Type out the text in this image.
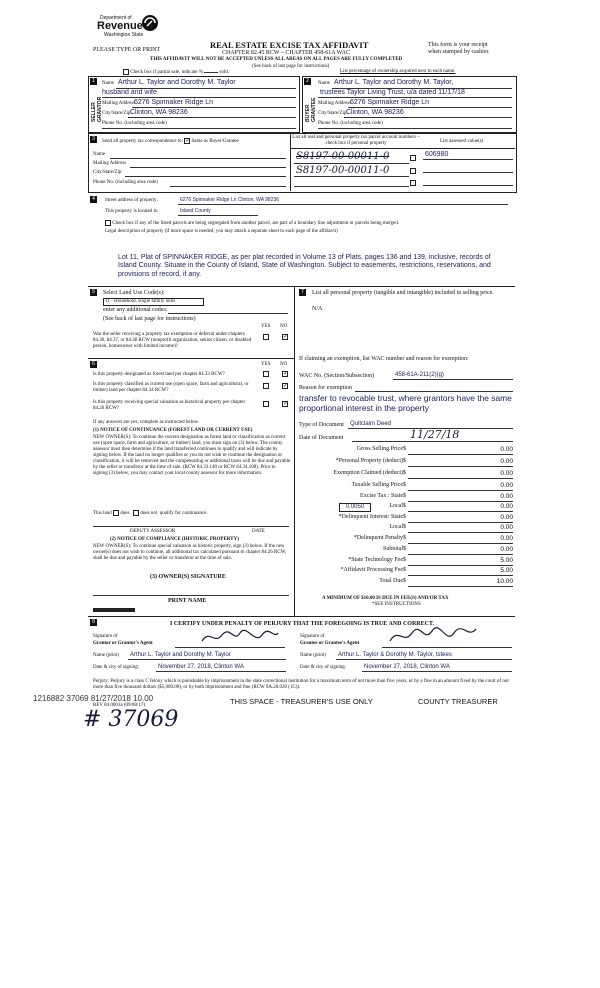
Department of
Revenue
Washington State
PLEASE TYPE OR PRINT	REAL ESTATE EXCISE TAX AFFIDAVIT
CHAPTER 82.45 RCW – CHAPTER 458-61A WAC
THIS AFFIDAVIT WILL NOT BE ACCEPTED UNLESS ALL AREAS ON ALL PAGES ARE FULLY COMPLETED
(See back of last page for instructions)
This form is your receipt when stamped by cashier.
Check box if partial sale, indicate %	sold.	List percentage of ownership acquired next to each name.
1	2
SELLER GRANTOR	BUYER GRANTEE
Name Arthur L. Taylor and Dorothy M. Taylor
husband and wife
Mailing Address
6276 Spinnaker Ridge Ln
City/State/Zip Clinton, WA 98236
Phone No. (including area code)
Name Arthur L. Taylor and Dorothy M. Taylor,
trustees Taylor Living Trust, u/a dated 11/17/18
Mailing Address
6276 Spinnaker Ridge Ln
City/State/Zip Clinton, WA 98236
Phone No. (including area code)
3	Send all property tax correspondence to: ✓ Same as Buyer/Grantee
List all real and personal property tax parcel account numbers – check box if personal property	List assessed value(s)
Name
Mailing Address
City/State/Zip
Phone No. (including area code)
S8197-00-00011-0
S8197-00-00011-0
606980
4	Street address of property:	6276 Spinnaker Ridge Ln Clinton, WA 98236
This property is located in	Island County
Check box if any of the listed parcels are being segregated from another parcel, are part of a boundary line adjustment or parcels being merged.
Legal description of property (if more space is needed, you may attach a separate sheet to each page of the affidavit)
Lot 11, Plat of SPINNAKER RIDGE, as per plat recorded in Volume 13 of Plats, pages 136 and 139, inclusive, records of Island County. Situate in the County of Island, State of Washington. Subject to easements, restrictions, reservations, and provisions of record, if any.
5	Select Land Use Code(s):
11 - Household, single family units
enter any additional codes:
(See back of last page for instructions)
YES NO
Was the seller receiving a property tax exemption or deferral under chapters 84.36, 84.37, or 84.38 RCW (nonprofit organization, senior citizen, or disabled person, homeowner with limited income)?
✓
6	YES NO
Is this property designated as forest land per chapter 84.33 RCW?	✓
Is this property classified as current use (open space, farm and agricultural, or timber) land per chapter 84.34 RCW?
✓
Is this property receiving special valuation as historical property per chapter 84.26 RCW?
✓
If any answers are yes, complete as instructed below.
(1) NOTICE OF CONTINUANCE (FOREST LAND OR CURRENT USE)
NEW OWNER(S): To continue the current designation as forest land or classification as current use (open space, farm and agriculture, or timber) land, you must sign on (3) below. The county assessor must then determine if the land transferred continues to qualify and will indicate by signing below. If the land no longer qualifies or you do not wish to continue the designation or classification, it will be removed and the compensating or additional taxes will be due and payable by the seller or transferor at the time of sale. (RCW 84.33.140 or RCW 84.34.108). Prior to signing (3) below, you may contact your local county assessor for more information.
This land does does not qualify for continuance.
DEPUTY ASSESSOR	DATE
(2) NOTICE OF COMPLIANCE (HISTORIC PROPERTY)
NEW OWNER(S): To continue special valuation as historic property, sign (3) below. If the new owner(s) does not wish to continue, all additional tax calculated pursuant to chapter 84.26 RCW, shall be due and payable by the seller or transferor at the time of sale.
(3) OWNER(S) SIGNATURE
PRINT NAME
7	List all personal property (tangible and intangible) included in selling price.
N/A
If claiming an exemption, list WAC number and reason for exemption:
WAC No. (Section/Subsection)	458-61A-211(2)(g)
Reason for exemption
transfer to revocable trust, where grantors have the same proportional interest in the property
Type of Document Quitclaim Deed
Date of Document	11/27/18
Gross Selling Price $	0.00
*Personal Property (deduct) $	0.00
Exemption Claimed (deduct) $	0.00
Taxable Selling Price $	0.00
Excise Tax : State $	0.00
0.0050	Local $	0.00
*Delinquent Interest: State $	0.00
Local $	0.00
*Delinquent Penalty $	0.00
Subtotal $	0.00
*State Technology Fee $	5.00
*Affidavit Processing Fee $	5.00
Total Due $	10.00
A MINIMUM OF $10.00 IS DUE IN FEE(S) AND/OR TAX
*SEE INSTRUCTIONS
8	I CERTIFY UNDER PENALTY OF PERJURY THAT THE FOREGOING IS TRUE AND CORRECT.
Signature of
Grantor or Grantor's Agent
Signature of
Grantee or Grantee's Agent
Name (print) Arthur L. Taylor and Dorothy M. Taylor	Name (print) Arthur L. Taylor & Dorothy M. Taylor, tstees
Date & city of signing:	November 27, 2018, Clinton WA	Date & city of signing:	November 27, 2018, Clinton WA
Perjury: Perjury is a class C felony which is punishable by imprisonment in the state correctional institution for a maximum term of not more than five years, or by a fine in an amount fixed by the court of not more than five thousand dollars ($5,000.00), or by both imprisonment and fine (RCW 9A.20.020 (1C)).
1216882 37069 81/27/2018 10.00
REV 84 0001a (09/08/17)	THIS SPACE - TREASURER'S USE ONLY	COUNTY TREASURER
# 37069
